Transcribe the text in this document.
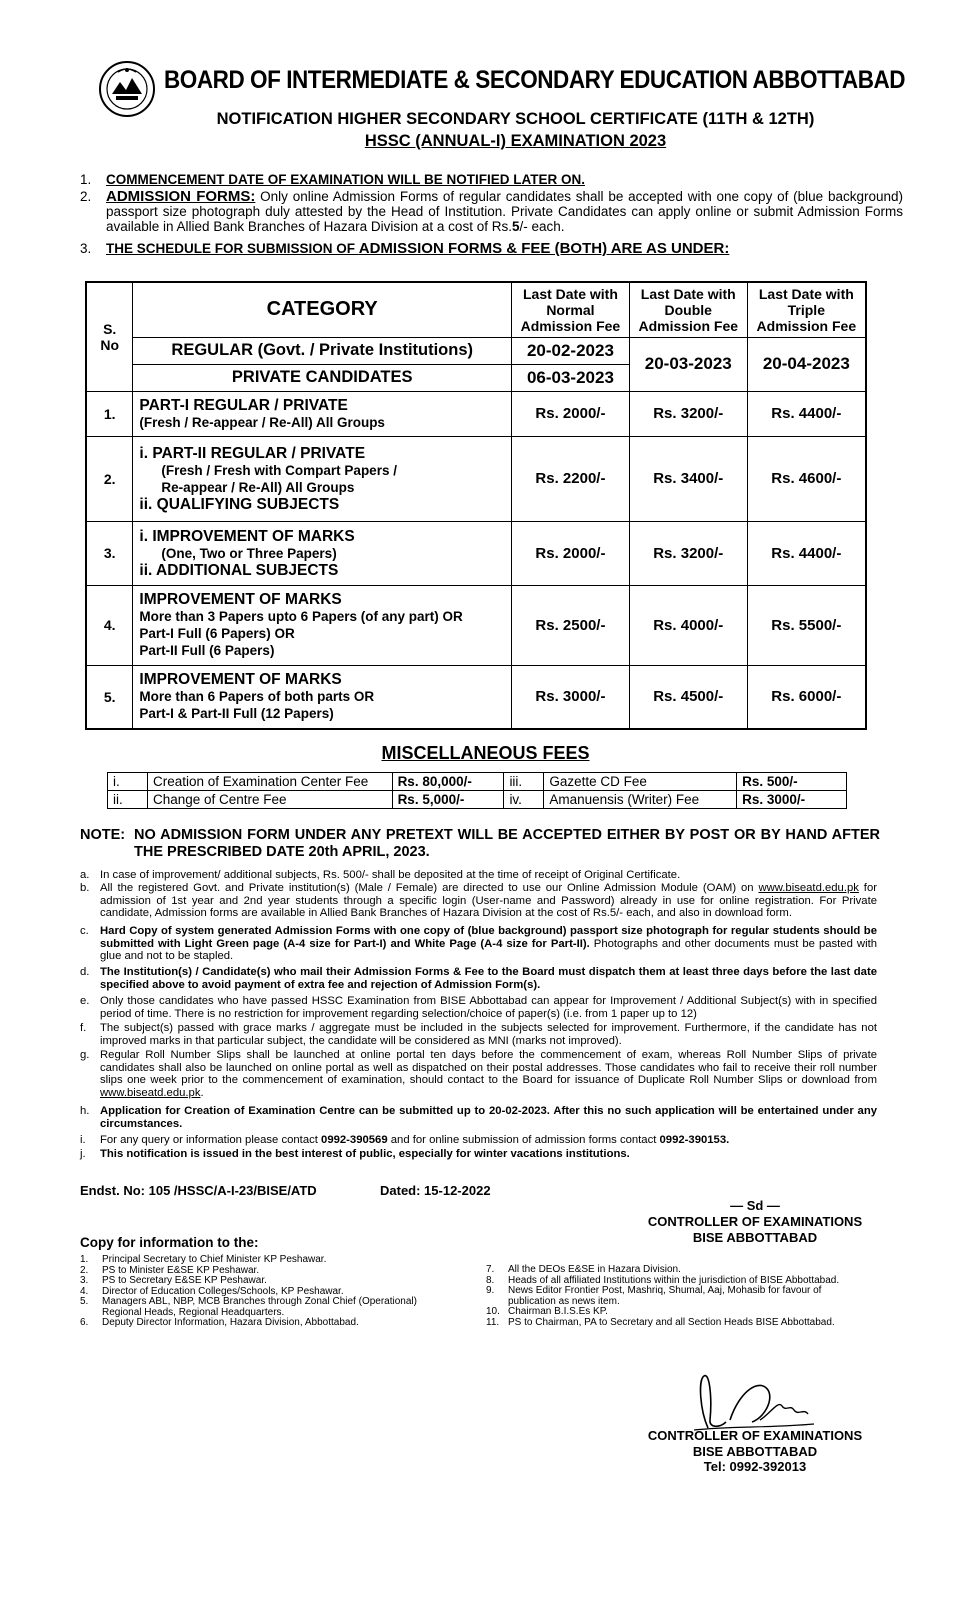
BOARD OF INTERMEDIATE & SECONDARY EDUCATION ABBOTTABAD
NOTIFICATION HIGHER SECONDARY SCHOOL CERTIFICATE (11TH & 12TH)
HSSC (ANNUAL-I) EXAMINATION 2023
1.	COMMENCEMENT DATE OF EXAMINATION WILL BE NOTIFIED LATER ON.
2. ADMISSION FORMS: Only online Admission Forms of regular candidates shall be accepted with one copy of (blue background) passport size photograph duly attested by the Head of Institution. Private Candidates can apply online or submit Admission Forms available in Allied Bank Branches of Hazara Division at a cost of Rs.5/- each.
3.	THE SCHEDULE FOR SUBMISSION OF ADMISSION FORMS & FEE (BOTH) ARE AS UNDER:
S. No	CATEGORY	Last Date with Normal Admission Fee	Last Date with Double Admission Fee	Last Date with Triple Admission Fee
	REGULAR (Govt. / Private Institutions)	20-02-2023	20-03-2023	20-04-2023
	PRIVATE CANDIDATES	06-03-2023		
1.	PART-I REGULAR / PRIVATE
(Fresh / Re-appear / Re-All) All Groups	Rs. 2000/-	Rs. 3200/-	Rs. 4400/-
2.	i. PART-II REGULAR / PRIVATE
(Fresh / Fresh with Compart Papers /
Re-appear / Re-All) All Groups
ii. QUALIFYING SUBJECTS	Rs. 2200/-	Rs. 3400/-	Rs. 4600/-
3.	i. IMPROVEMENT OF MARKS
(One, Two or Three Papers)
ii. ADDITIONAL SUBJECTS	Rs. 2000/-	Rs. 3200/-	Rs. 4400/-
4.	IMPROVEMENT OF MARKS
More than 3 Papers upto 6 Papers (of any part) OR
Part-I Full (6 Papers) OR
Part-II Full (6 Papers)	Rs. 2500/-	Rs. 4000/-	Rs. 5500/-
5.	IMPROVEMENT OF MARKS
More than 6 Papers of both parts OR
Part-I & Part-II Full (12 Papers)	Rs. 3000/-	Rs. 4500/-	Rs. 6000/-
MISCELLANEOUS FEES
i.	Creation of Examination Center Fee	Rs. 80,000/-	iii.	Gazette CD Fee	Rs. 500/-
ii.	Change of Centre Fee	Rs. 5,000/-	iv.	Amanuensis (Writer) Fee	Rs. 3000/-
NOTE: NO ADMISSION FORM UNDER ANY PRETEXT WILL BE ACCEPTED EITHER BY POST OR BY HAND AFTER THE PRESCRIBED DATE 20th APRIL, 2023.
a. In case of improvement/ additional subjects, Rs. 500/- shall be deposited at the time of receipt of Original Certificate.
b. All the registered Govt. and Private institution(s) (Male / Female) are directed to use our Online Admission Module (OAM) on www.biseatd.edu.pk for admission of 1st year and 2nd year students through a specific login (User-name and Password) already in use for online registration. For Private candidate, Admission forms are available in Allied Bank Branches of Hazara Division at the cost of Rs.5/- each, and also in download form.
c. Hard Copy of system generated Admission Forms with one copy of (blue background) passport size photograph for regular students should be submitted with Light Green page (A-4 size for Part-I) and White Page (A-4 size for Part-II). Photographs and other documents must be pasted with glue and not to be stapled.
d. The Institution(s) / Candidate(s) who mail their Admission Forms & Fee to the Board must dispatch them at least three days before the last date specified above to avoid payment of extra fee and rejection of Admission Form(s).
e. Only those candidates who have passed HSSC Examination from BISE Abbottabad can appear for Improvement / Additional Subject(s) with in specified period of time. There is no restriction for improvement regarding selection/choice of paper(s) (i.e. from 1 paper up to 12)
f. The subject(s) passed with grace marks / aggregate must be included in the subjects selected for improvement. Furthermore, if the candidate has not improved marks in that particular subject, the candidate will be considered as MNI (marks not improved).
g. Regular Roll Number Slips shall be launched at online portal ten days before the commencement of exam, whereas Roll Number Slips of private candidates shall also be launched on online portal as well as dispatched on their postal addresses. Those candidates who fail to receive their roll number slips one week prior to the commencement of examination, should contact to the Board for issuance of Duplicate Roll Number Slips or download from www.biseatd.edu.pk.
h. Application for Creation of Examination Centre can be submitted up to 20-02-2023. After this no such application will be entertained under any circumstances.
i. For any query or information please contact 0992-390569 and for online submission of admission forms contact 0992-390153.
j. This notification is issued in the best interest of public, especially for winter vacations institutions.
Endst. No: 105 /HSSC/A-I-23/BISE/ATD	Dated: 15-12-2022
— Sd —
CONTROLLER OF EXAMINATIONS
BISE ABBOTTABAD
Copy for information to the:
1. Principal Secretary to Chief Minister KP Peshawar.
2. PS to Minister E&SE KP Peshawar.
3. PS to Secretary E&SE KP Peshawar.
4. Director of Education Colleges/Schools, KP Peshawar.
5. Managers ABL, NBP, MCB Branches through Zonal Chief (Operational) Regional Heads, Regional Headquarters.
6. Deputy Director Information, Hazara Division, Abbottabad.
7. All the DEOs E&SE in Hazara Division.
8. Heads of all affiliated Institutions within the jurisdiction of BISE Abbottabad.
9. News Editor Frontier Post, Mashriq, Shumal, Aaj, Mohasib for favour of publication as news item.
10. Chairman B.I.S.Es KP.
11. PS to Chairman, PA to Secretary and all Section Heads BISE Abbottabad.
CONTROLLER OF EXAMINATIONS
BISE ABBOTTABAD
Tel: 0992-392013
